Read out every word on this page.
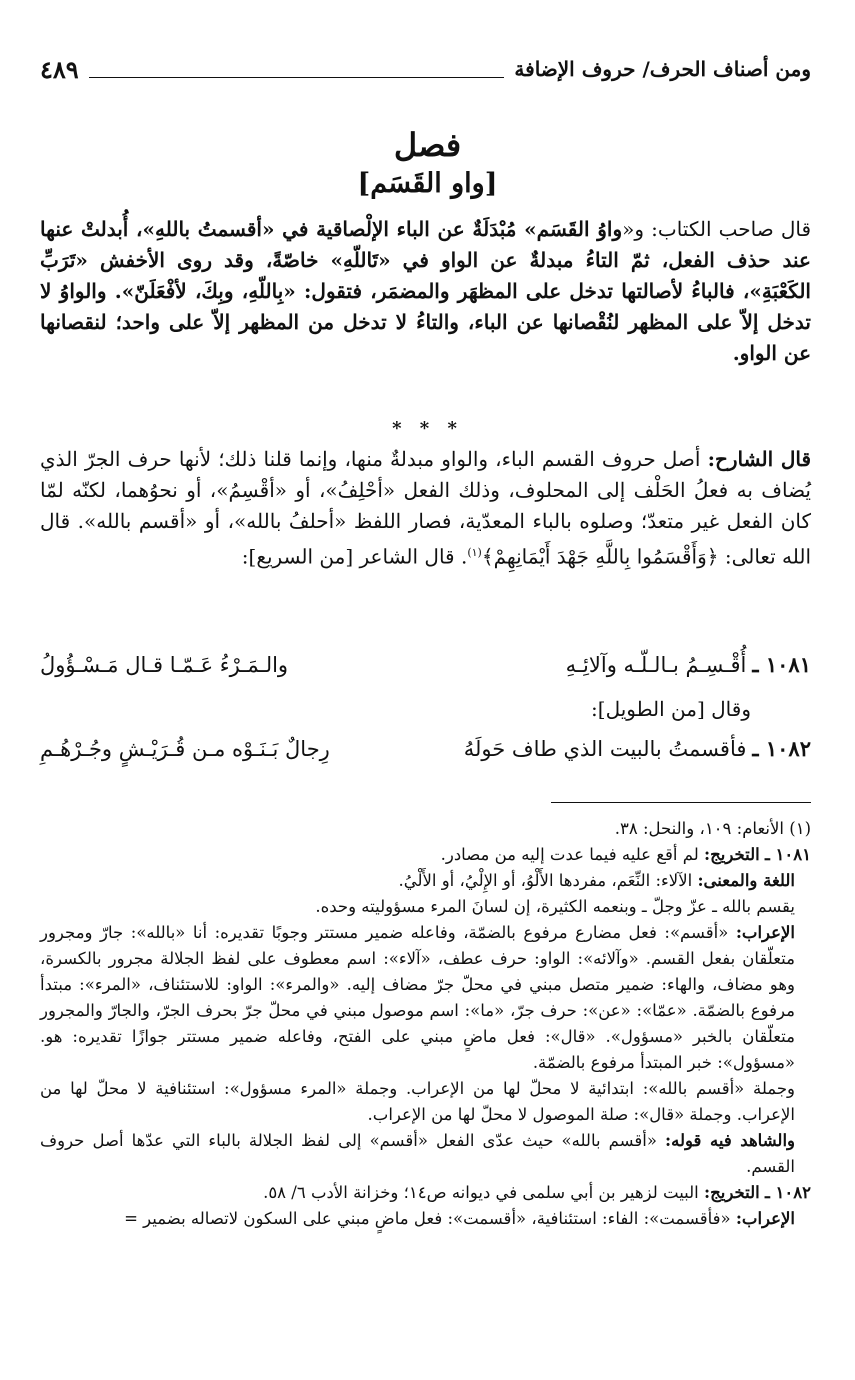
ومن أصناف الحرف/ حروف الإضافة
٤٨٩
فصل
[واو القَسَم]
قال صاحب الكتاب: و«واوُ القَسَم» مُبْدَلَةٌ عن الباء الإلْصاقية في «أقسمتُ باللهِ»، أُبدلتْ عنها عند حذف الفعل، ثمّ التاءُ مبدلةٌ عن الواو في «تَاللّهِ» خاصّةً، وقد روى الأخفش «تَرَبِّ الكَعْبَةِ»، فالباءُ لأصالتها تدخل على المظهَر والمضمَر، فتقول: «بِاللّهِ، وبِكَ، لأفْعَلَنّ». والواوُ لا تدخل إلاّ على المظهر لنُقْصانها عن الباء، والتاءُ لا تدخل من المظهر إلاّ على واحد؛ لنقصانها عن الواو.
* * *
قال الشارح: أصل حروف القسم الباء، والواو مبدلةٌ منها، وإنما قلنا ذلك؛ لأنها حرف الجرّ الذي يُضاف به فعلُ الحَلْف إلى المحلوف، وذلك الفعل «أحْلِفُ»، أو «أقْسِمُ»، أو نحوُهما، لكنّه لمّا كان الفعل غير متعدّ؛ وصلوه بالباء المعدّية، فصار اللفظ «أحلفُ بالله»، أو «أقسم بالله». قال الله تعالى: ﴿وَأَقْسَمُوا بِاللَّهِ جَهْدَ أَيْمَانِهِمْ﴾$^{(١)}$. قال الشاعر [من السريع]:
١٠٨١ ـ
أُقْـسِـمُ بـالـلّـه وآلائِـهِ
والـمَـرْءُ عَـمّـا قـال مَـسْـؤُولُ
وقال [من الطويل]:
١٠٨٢ ـ
فأقسمتُ بالبيت الذي طاف حَولَهُ
رِجالٌ بَـنَـوْه مـن قُـرَيْـشٍ وجُـرْهُـمِ

(١) الأنعام: ١٠٩، والنحل: ٣٨.

١٠٨١ ـ التخريج: لم أقع عليه فيما عدت إليه من مصادر.

اللغة والمعنى: الآلاء: النِّعَم، مفردها الأَلْوُ، أو الإِلْيُ، أو الأَلْيُ.

يقسم بالله ـ عزّ وجلّ ـ وبنعمه الكثيرة، إن لسانَ المرء مسؤوليته وحده.

الإعراب: «أقسم»: فعل مضارع مرفوع بالضمّة، وفاعله ضمير مستتر وجوبًا تقديره: أنا «بالله»: جارّ ومجرور متعلّقان بفعل القسم. «وآلائه»: الواو: حرف عطف، «آلاء»: اسم معطوف على لفظ الجلالة مجرور بالكسرة، وهو مضاف، والهاء: ضمير متصل مبني في محلّ جرّ مضاف إليه. «والمرء»: الواو: للاستئناف، «المرء»: مبتدأ مرفوع بالضمّة. «عمّا»: «عن»: حرف جرّ، «ما»: اسم موصول مبني في محلّ جرّ بحرف الجرّ، والجارّ والمجرور متعلّقان بالخبر «مسؤول». «قال»: فعل ماضٍ مبني على الفتح، وفاعله ضمير مستتر جوازًا تقديره: هو. «مسؤول»: خبر المبتدأ مرفوع بالضمّة.

وجملة «أقسم بالله»: ابتدائية لا محلّ لها من الإعراب. وجملة «المرء مسؤول»: استئنافية لا محلّ لها من الإعراب. وجملة «قال»: صلة الموصول لا محلّ لها من الإعراب.

والشاهد فيه قوله: «أقسم بالله» حيث عدّى الفعل «أقسم» إلى لفظ الجلالة بالباء التي عدّها أصل حروف القسم.

١٠٨٢ ـ التخريج: البيت لزهير بن أبي سلمى في ديوانه ص١٤؛ وخزانة الأدب ٦/ ٥٨.

الإعراب: «فأقسمت»: الفاء: استئنافية، «أقسمت»: فعل ماضٍ مبني على السكون لاتصاله بضمير =
